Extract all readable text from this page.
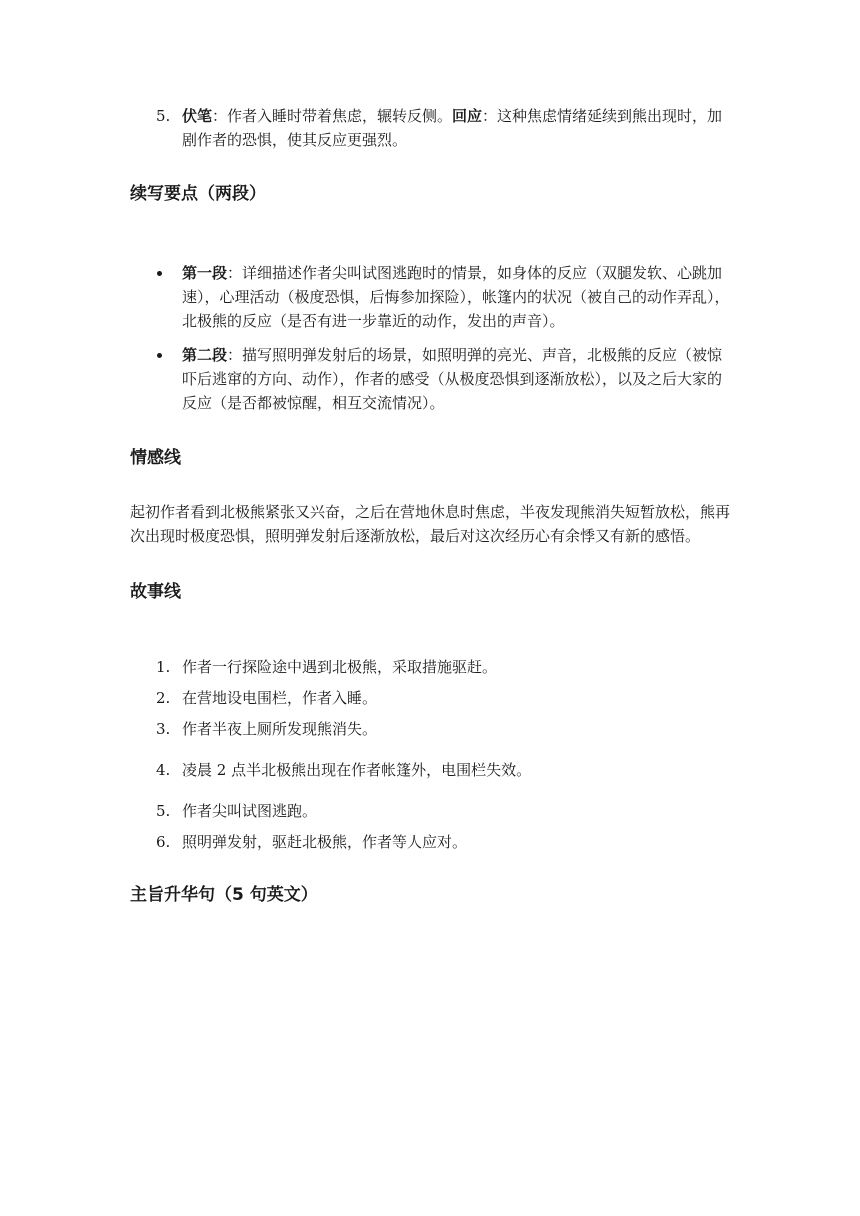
5. 伏笔：作者入睡时带着焦虑，辗转反侧。回应：这种焦虑情绪延续到熊出现时，加剧作者的恐惧，使其反应更强烈。
续写要点（两段）
第一段：详细描述作者尖叫试图逃跑时的情景，如身体的反应（双腿发软、心跳加速），心理活动（极度恐惧，后悔参加探险），帐篷内的状况（被自己的动作弄乱），北极熊的反应（是否有进一步靠近的动作，发出的声音）。
第二段：描写照明弹发射后的场景，如照明弹的亮光、声音，北极熊的反应（被惊吓后逃窜的方向、动作），作者的感受（从极度恐惧到逐渐放松），以及之后大家的反应（是否都被惊醒，相互交流情况）。
情感线

起初作者看到北极熊紧张又兴奋，之后在营地休息时焦虑，半夜发现熊消失短暂放松，熊再次出现时极度恐惧，照明弹发射后逐渐放松，最后对这次经历心有余悸又有新的感悟。

故事线
1. 作者一行探险途中遇到北极熊，采取措施驱赶。
2. 在营地设电围栏，作者入睡。
3. 作者半夜上厕所发现熊消失。
4. 凌晨 2 点半北极熊出现在作者帐篷外，电围栏失效。
5. 作者尖叫试图逃跑。
6. 照明弹发射，驱赶北极熊，作者等人应对。
主旨升华句（5 句英文）
